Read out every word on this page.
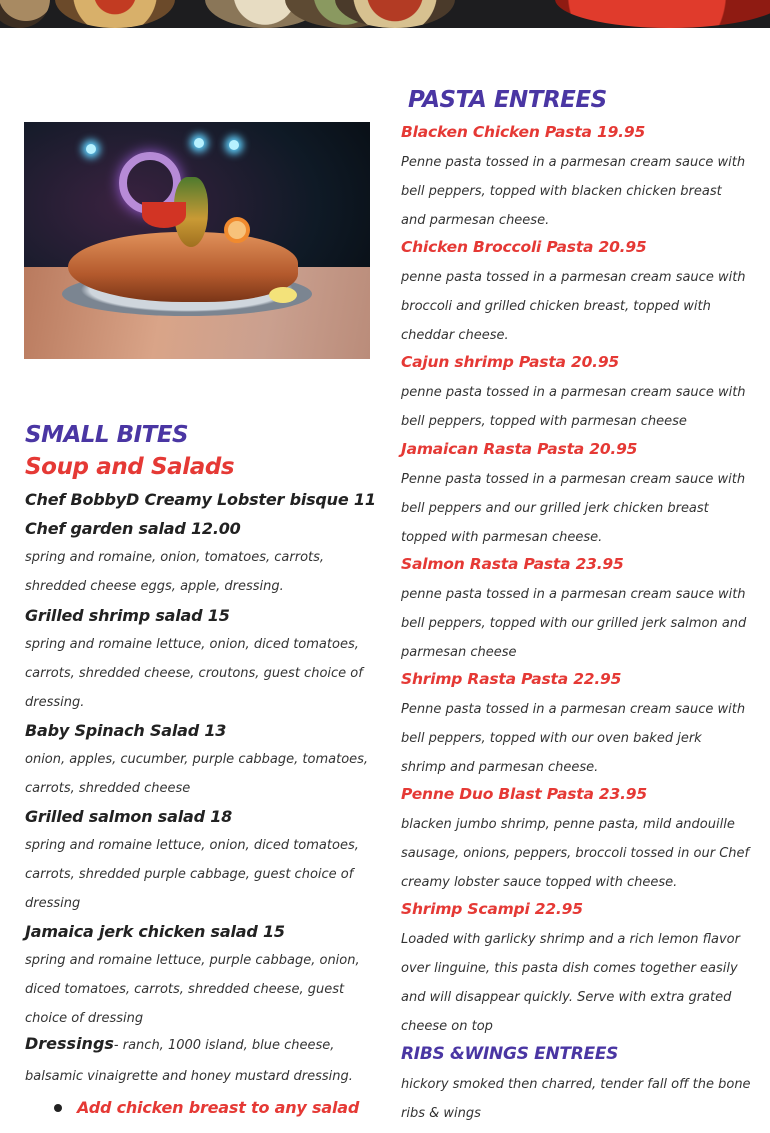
SMALL BITES
Soup and Salads
Chef BobbyD Creamy Lobster bisque 11
Chef garden salad 12.00
spring and romaine, onion, tomatoes, carrots,
shredded cheese eggs, apple, dressing.
Grilled shrimp salad 15
spring and romaine lettuce, onion, diced tomatoes,
carrots, shredded cheese, croutons, guest choice of
dressing.
Baby Spinach Salad 13
onion, apples, cucumber, purple cabbage, tomatoes,
carrots, shredded cheese
Grilled salmon salad 18
spring and romaine lettuce, onion, diced tomatoes,
carrots, shredded purple cabbage, guest choice of
dressing
Jamaica jerk chicken salad 15
spring and romaine lettuce, purple cabbage, onion,
diced tomatoes, carrots, shredded cheese, guest
choice of dressing
Dressings- ranch, 1000 island, blue cheese,
balsamic vinaigrette and honey mustard dressing.
Add chicken breast to any salad
PASTA ENTREES
Blacken Chicken Pasta 19.95
Penne pasta tossed in a parmesan cream sauce with
bell peppers, topped with blacken chicken breast
and parmesan cheese.
Chicken Broccoli Pasta 20.95
penne pasta tossed in a parmesan cream sauce with
broccoli and grilled chicken breast, topped with
cheddar cheese.
Cajun shrimp Pasta 20.95
penne pasta tossed in a parmesan cream sauce with
bell peppers, topped with parmesan cheese
Jamaican Rasta Pasta 20.95
Penne pasta tossed in a parmesan cream sauce with
bell peppers and our grilled jerk chicken breast
topped with parmesan cheese.
Salmon Rasta Pasta 23.95
penne pasta tossed in a parmesan cream sauce with
bell peppers, topped with our grilled jerk salmon and
parmesan cheese
Shrimp Rasta Pasta 22.95
Penne pasta tossed in a parmesan cream sauce with
bell peppers, topped with our oven baked jerk
shrimp and parmesan cheese.
Penne Duo Blast Pasta 23.95
blacken jumbo shrimp, penne pasta, mild andouille
sausage, onions, peppers, broccoli tossed in our Chef
creamy lobster sauce topped with cheese.
Shrimp Scampi 22.95
Loaded with garlicky shrimp and a rich lemon flavor
over linguine, this pasta dish comes together easily
and will disappear quickly. Serve with extra grated
cheese on top
RIBS &WINGS ENTREES
hickory smoked then charred, tender fall off the bone
ribs & wings
